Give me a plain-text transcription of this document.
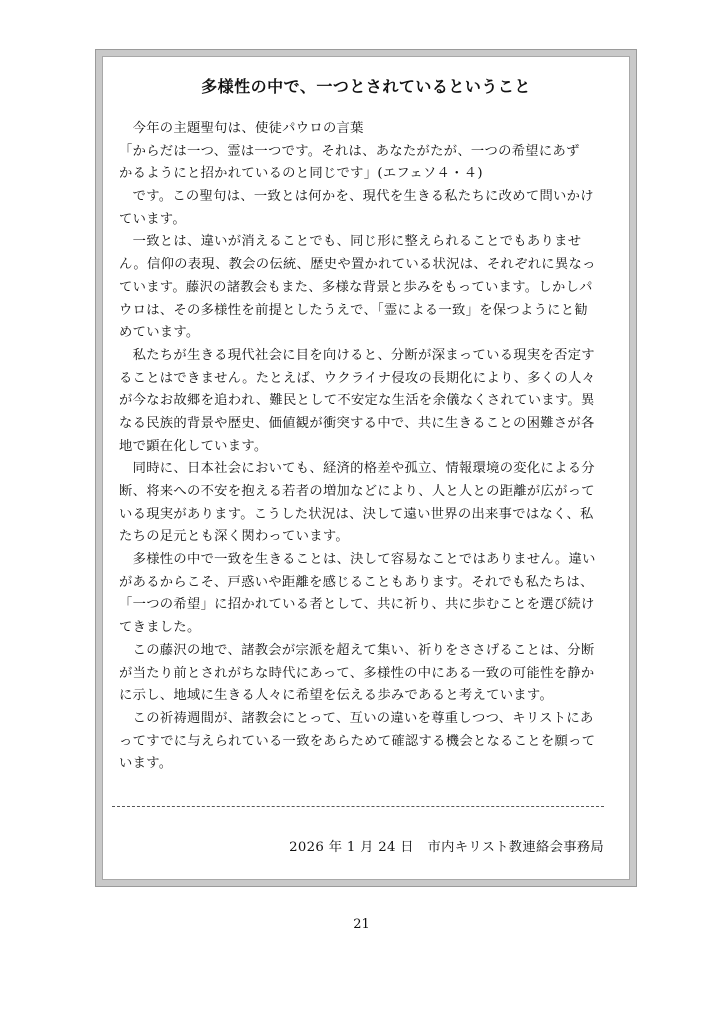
多様性の中で、一つとされているということ
　今年の主題聖句は、使徒パウロの言葉
「からだは一つ、霊は一つです。それは、あなたがたが、一つの希望にあず
かるようにと招かれているのと同じです」(エフェソ４・４)
　です。この聖句は、一致とは何かを、現代を生きる私たちに改めて問いかけ
ています。
　一致とは、違いが消えることでも、同じ形に整えられることでもありませ
ん。信仰の表現、教会の伝統、歴史や置かれている状況は、それぞれに異なっ
ています。藤沢の諸教会もまた、多様な背景と歩みをもっています。しかしパ
ウロは、その多様性を前提としたうえで、「霊による一致」を保つようにと勧
めています。
　私たちが生きる現代社会に目を向けると、分断が深まっている現実を否定す
ることはできません。たとえば、ウクライナ侵攻の長期化により、多くの人々
が今なお故郷を追われ、難民として不安定な生活を余儀なくされています。異
なる民族的背景や歴史、価値観が衝突する中で、共に生きることの困難さが各
地で顕在化しています。
　同時に、日本社会においても、経済的格差や孤立、情報環境の変化による分
断、将来への不安を抱える若者の増加などにより、人と人との距離が広がって
いる現実があります。こうした状況は、決して遠い世界の出来事ではなく、私
たちの足元とも深く関わっています。
　多様性の中で一致を生きることは、決して容易なことではありません。違い
があるからこそ、戸惑いや距離を感じることもあります。それでも私たちは、
「一つの希望」に招かれている者として、共に祈り、共に歩むことを選び続け
てきました。
　この藤沢の地で、諸教会が宗派を超えて集い、祈りをささげることは、分断
が当たり前とされがちな時代にあって、多様性の中にある一致の可能性を静か
に示し、地域に生きる人々に希望を伝える歩みであると考えています。
　この祈祷週間が、諸教会にとって、互いの違いを尊重しつつ、キリストにあ
ってすでに与えられている一致をあらためて確認する機会となることを願って
います。
2026 年 1 月 24 日　市内キリスト教連絡会事務局
21
